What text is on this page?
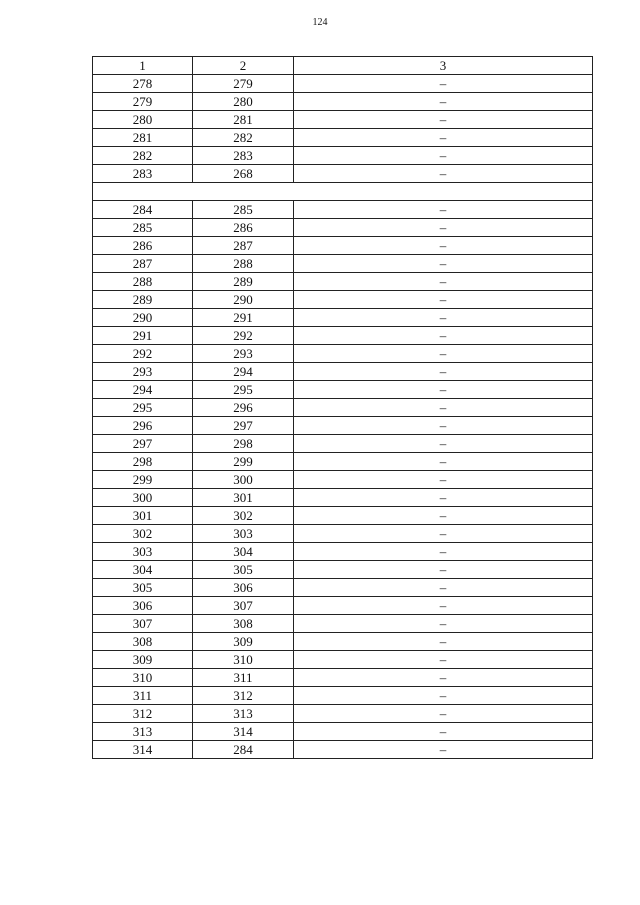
124
1	2	3
278	279	–
279	280	–
280	281	–
281	282	–
282	283	–
283	268	–

284	285	–
285	286	–
286	287	–
287	288	–
288	289	–
289	290	–
290	291	–
291	292	–
292	293	–
293	294	–
294	295	–
295	296	–
296	297	–
297	298	–
298	299	–
299	300	–
300	301	–
301	302	–
302	303	–
303	304	–
304	305	–
305	306	–
306	307	–
307	308	–
308	309	–
309	310	–
310	311	–
311	312	–
312	313	–
313	314	–
314	284	–
